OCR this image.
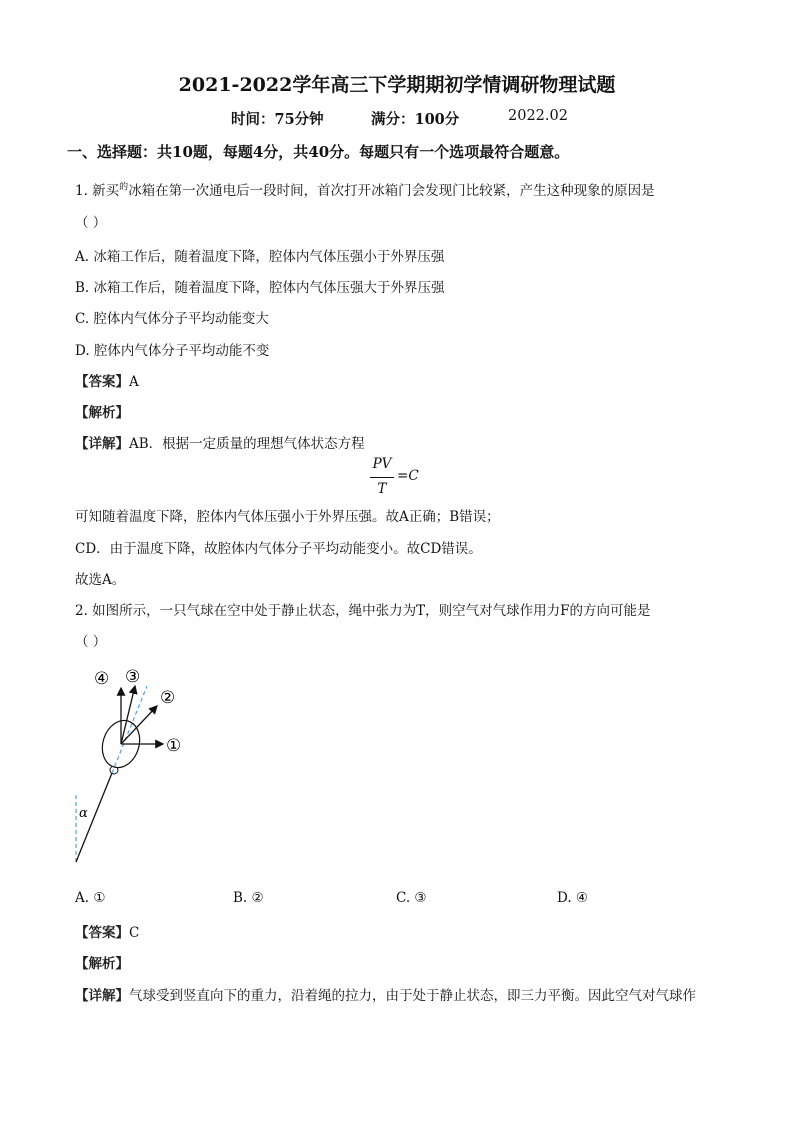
2021-2022学年高三下学期期初学情调研物理试题
时间：75分钟	满分：100分	2022.02
一、选择题：共10题，每题4分，共40分。每题只有一个选项最符合题意。
1. 新买$^的$冰箱在第一次通电后一段时间，首次打开冰箱门会发现门比较紧，产生这种现象的原因是
（ ）
A. 冰箱工作后，随着温度下降，腔体内气体压强小于外界压强
B. 冰箱工作后，随着温度下降，腔体内气体压强大于外界压强
C. 腔体内气体分子平均动能变大
D. 腔体内气体分子平均动能不变
【答案】A
【解析】
【详解】AB．根据一定质量的理想气体状态方程
PV
T
=C
可知随着温度下降，腔体内气体压强小于外界压强。故A正确；B错误；
CD．由于温度下降，故腔体内气体分子平均动能变小。故CD错误。
故选A。
2. 如图所示，一只气球在空中处于静止状态，绳中张力为T，则空气对气球作用力F的方向可能是
（ ）
①
②
③
④
α
A. ①	B. ②	C. ③	D. ④
【答案】C
【解析】
【详解】气球受到竖直向下的重力，沿着绳的拉力，由于处于静止状态，即三力平衡。因此空气对气球作
